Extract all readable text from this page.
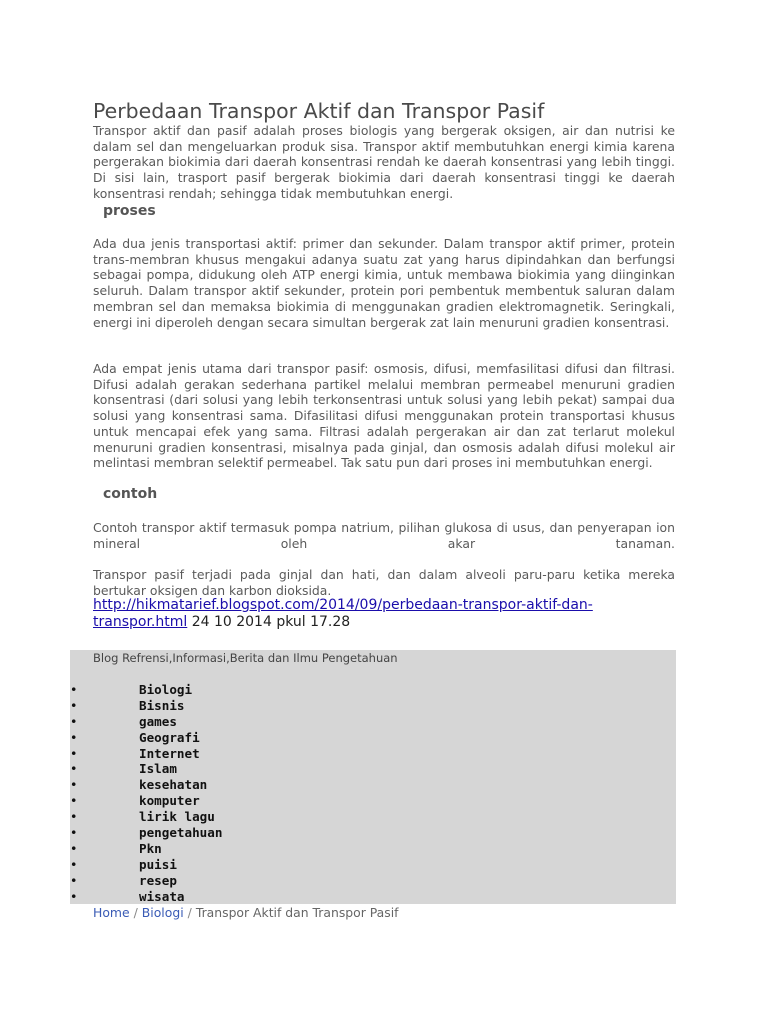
Perbedaan Transpor Aktif dan Transpor Pasif

Transpor aktif dan pasif adalah proses biologis yang bergerak oksigen, air dan nutrisi ke dalam sel dan mengeluarkan produk sisa. Transpor aktif membutuhkan energi kimia karena pergerakan biokimia dari daerah konsentrasi rendah ke daerah konsentrasi yang lebih tinggi. Di sisi lain, trasport pasif bergerak biokimia dari daerah konsentrasi tinggi ke daerah konsentrasi rendah; sehingga tidak membutuhkan energi.

proses

Ada dua jenis transportasi aktif: primer dan sekunder. Dalam transpor aktif primer, protein trans-membran khusus mengakui adanya suatu zat yang harus dipindahkan dan berfungsi sebagai pompa, didukung oleh ATP energi kimia, untuk membawa biokimia yang diinginkan seluruh. Dalam transpor aktif sekunder, protein pori pembentuk membentuk saluran dalam membran sel dan memaksa biokimia di menggunakan gradien elektromagnetik. Seringkali, energi ini diperoleh dengan secara simultan bergerak zat lain menuruni gradien konsentrasi.

Ada empat jenis utama dari transpor pasif: osmosis, difusi, memfasilitasi difusi dan filtrasi. Difusi adalah gerakan sederhana partikel melalui membran permeabel menuruni gradien konsentrasi (dari solusi yang lebih terkonsentrasi untuk solusi yang lebih pekat) sampai dua solusi yang konsentrasi sama. Difasilitasi difusi menggunakan protein transportasi khusus untuk mencapai efek yang sama. Filtrasi adalah pergerakan air dan zat terlarut molekul menuruni gradien konsentrasi, misalnya pada ginjal, dan osmosis adalah difusi molekul air melintasi membran selektif permeabel. Tak satu pun dari proses ini membutuhkan energi.

contoh

Contoh transpor aktif termasuk pompa natrium, pilihan glukosa di usus, dan penyerapan ion mineral oleh akar tanaman.

Transpor pasif terjadi pada ginjal dan hati, dan dalam alveoli paru-paru ketika mereka bertukar oksigen dan karbon dioksida.

http://hikmatarief.blogspot.com/2014/09/perbedaan-transpor-aktif-dan-transpor.html 24 10 2014 pkul 17.28
Blog Refrensi,Informasi,Berita dan Ilmu Pengetahuan
•	Biologi
•	Bisnis
•	games
•	Geografi
•	Internet
•	Islam
•	kesehatan
•	komputer
•	lirik lagu
•	pengetahuan
•	Pkn
•	puisi
•	resep
•	wisata
Home / Biologi / Transpor Aktif dan Transpor Pasif
